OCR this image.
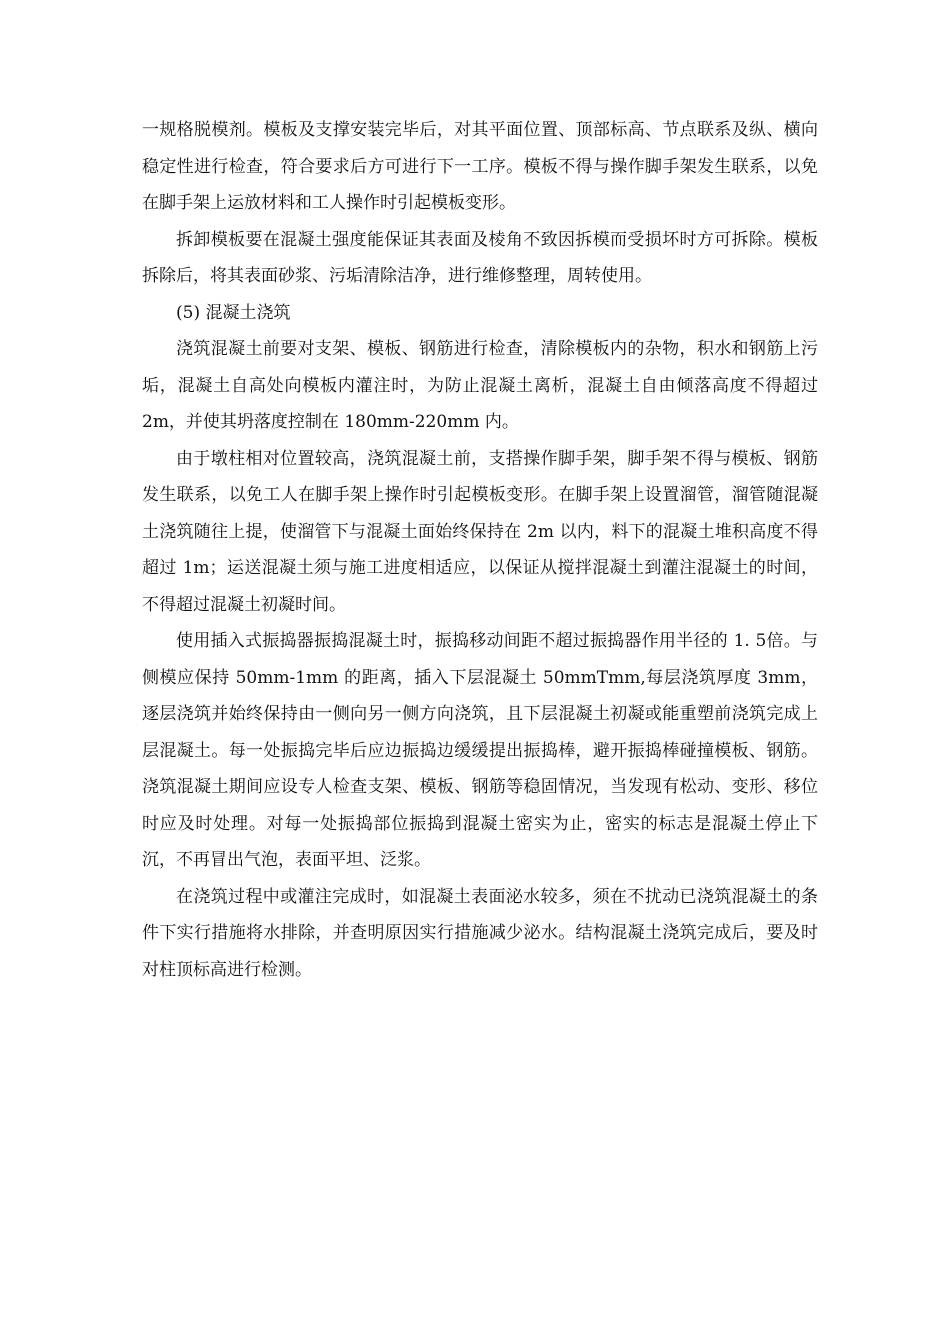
一规格脱模剂。模板及支撑安装完毕后，对其平面位置、顶部标高、节点联系及纵、横向稳定性进行检查，符合要求后方可进行下一工序。模板不得与操作脚手架发生联系，以免在脚手架上运放材料和工人操作时引起模板变形。

拆卸模板要在混凝土强度能保证其表面及棱角不致因拆模而受损坏时方可拆除。模板拆除后，将其表面砂浆、污垢清除洁净，进行维修整理，周转使用。

(5) 混凝土浇筑

浇筑混凝土前要对支架、模板、钢筋进行检查，清除模板内的杂物，积水和钢筋上污垢，混凝土自高处向模板内灌注时，为防止混凝土离析，混凝土自由倾落高度不得超过 2m，并使其坍落度控制在 180mm-220mm 内。

由于墩柱相对位置较高，浇筑混凝土前，支搭操作脚手架，脚手架不得与模板、钢筋发生联系，以免工人在脚手架上操作时引起模板变形。在脚手架上设置溜管，溜管随混凝土浇筑随往上提，使溜管下与混凝土面始终保持在 2m 以内，料下的混凝土堆积高度不得超过 1m；运送混凝土须与施工进度相适应，以保证从搅拌混凝土到灌注混凝土的时间，不得超过混凝土初凝时间。

使用插入式振捣器振捣混凝土时，振捣移动间距不超过振捣器作用半径的 1. 5倍。与侧模应保持 50mm-1mm 的距离，插入下层混凝土 50mmTmm,每层浇筑厚度 3mm，逐层浇筑并始终保持由一侧向另一侧方向浇筑，且下层混凝土初凝或能重塑前浇筑完成上层混凝土。每一处振捣完毕后应边振捣边缓缓提出振捣棒，避开振捣棒碰撞模板、钢筋。浇筑混凝土期间应设专人检查支架、模板、钢筋等稳固情况，当发现有松动、变形、移位时应及时处理。对每一处振捣部位振捣到混凝土密实为止，密实的标志是混凝土停止下沉，不再冒出气泡，表面平坦、泛浆。

在浇筑过程中或灌注完成时，如混凝土表面泌水较多，须在不扰动已浇筑混凝土的条件下实行措施将水排除，并查明原因实行措施减少泌水。结构混凝土浇筑完成后，要及时对柱顶标高进行检测。
